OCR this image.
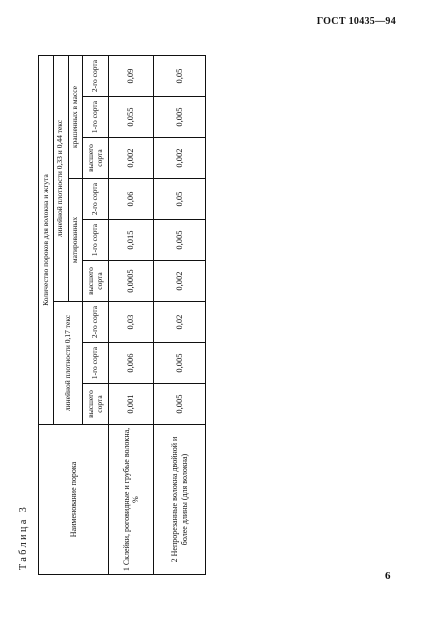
ГОСТ 10435—94
Таблица 3
Наименование порока	Количество пороков для волокна и жгута								
	линейной плотности 0,17 текс			линейной плотности 0,33 и 0,44 текс					
				матированных			крашенных в массе		
	высшего сорта	1-го сорта	2-го сорта	высшего сорта	1-го сорта	2-го сорта	высшего сорта	1-го сорта	2-го сорта
1 Склейки, роговидные и грубые волокна, %	0,001	0,006	0,03	0,0005	0,015	0,06	0,002	0,055	0,09
2 Непрорезанные волокна двойной и более длины (для волокна)	0,005	0,005	0,02	0,002	0,005	0,05	0,002	0,005	0,05
6
